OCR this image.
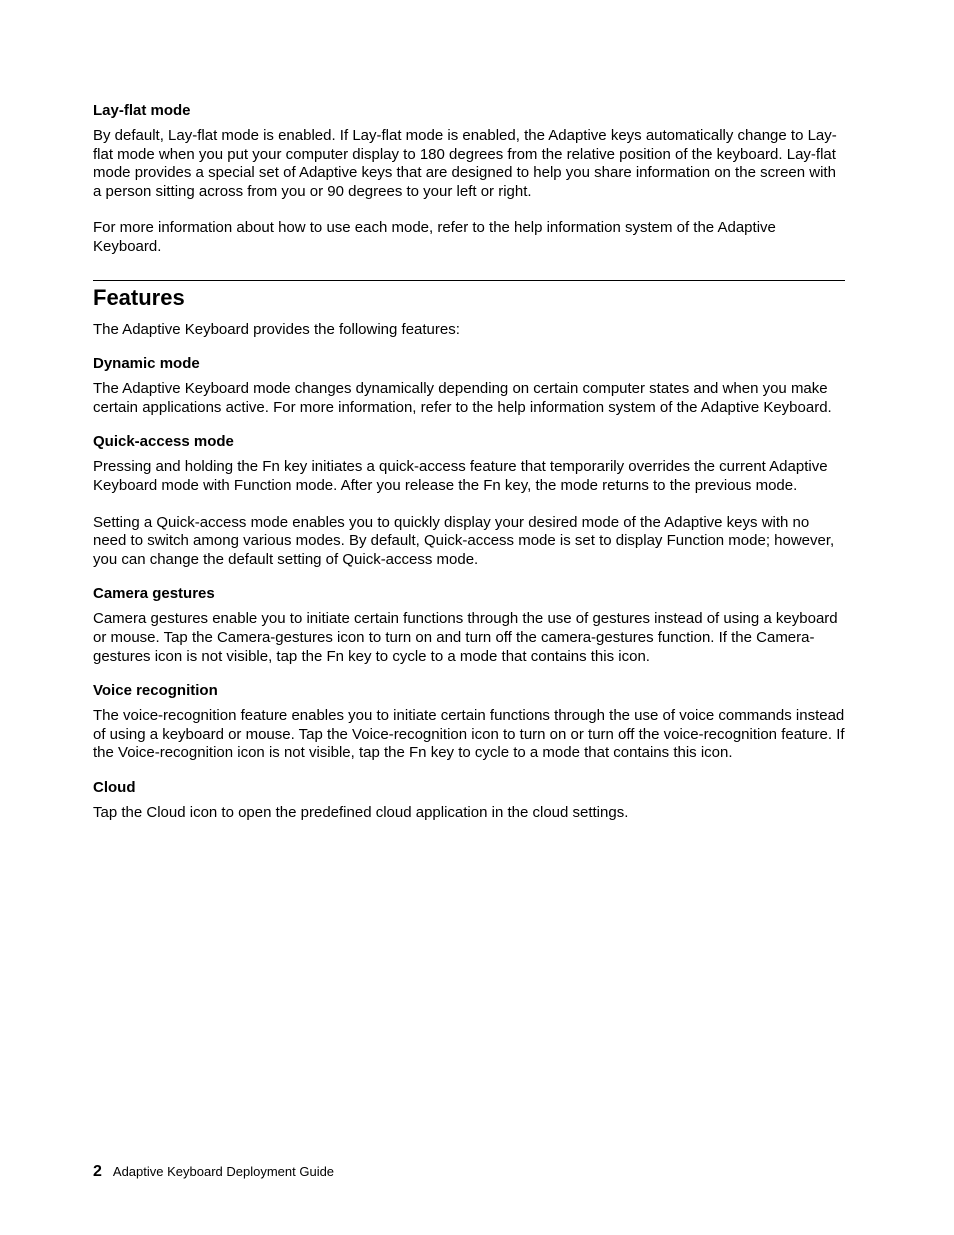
Lay-flat mode

By default, Lay-flat mode is enabled. If Lay-flat mode is enabled, the Adaptive keys automatically change to Lay-flat mode when you put your computer display to 180 degrees from the relative position of the keyboard. Lay-flat mode provides a special set of Adaptive keys that are designed to help you share information on the screen with a person sitting across from you or 90 degrees to your left or right.

For more information about how to use each mode, refer to the help information system of the Adaptive Keyboard.

Features

The Adaptive Keyboard provides the following features:

Dynamic mode

The Adaptive Keyboard mode changes dynamically depending on certain computer states and when you make certain applications active. For more information, refer to the help information system of the Adaptive Keyboard.

Quick-access mode

Pressing and holding the Fn key initiates a quick-access feature that temporarily overrides the current Adaptive Keyboard mode with Function mode. After you release the Fn key, the mode returns to the previous mode.

Setting a Quick-access mode enables you to quickly display your desired mode of the Adaptive keys with no need to switch among various modes. By default, Quick-access mode is set to display Function mode; however, you can change the default setting of Quick-access mode.

Camera gestures

Camera gestures enable you to initiate certain functions through the use of gestures instead of using a keyboard or mouse. Tap the Camera-gestures icon to turn on and turn off the camera-gestures function. If the Camera-gestures icon is not visible, tap the Fn key to cycle to a mode that contains this icon.

Voice recognition

The voice-recognition feature enables you to initiate certain functions through the use of voice commands instead of using a keyboard or mouse. Tap the Voice-recognition icon to turn on or turn off the voice-recognition feature. If the Voice-recognition icon is not visible, tap the Fn key to cycle to a mode that contains this icon.

Cloud

Tap the Cloud icon to open the predefined cloud application in the cloud settings.

2 Adaptive Keyboard Deployment Guide
